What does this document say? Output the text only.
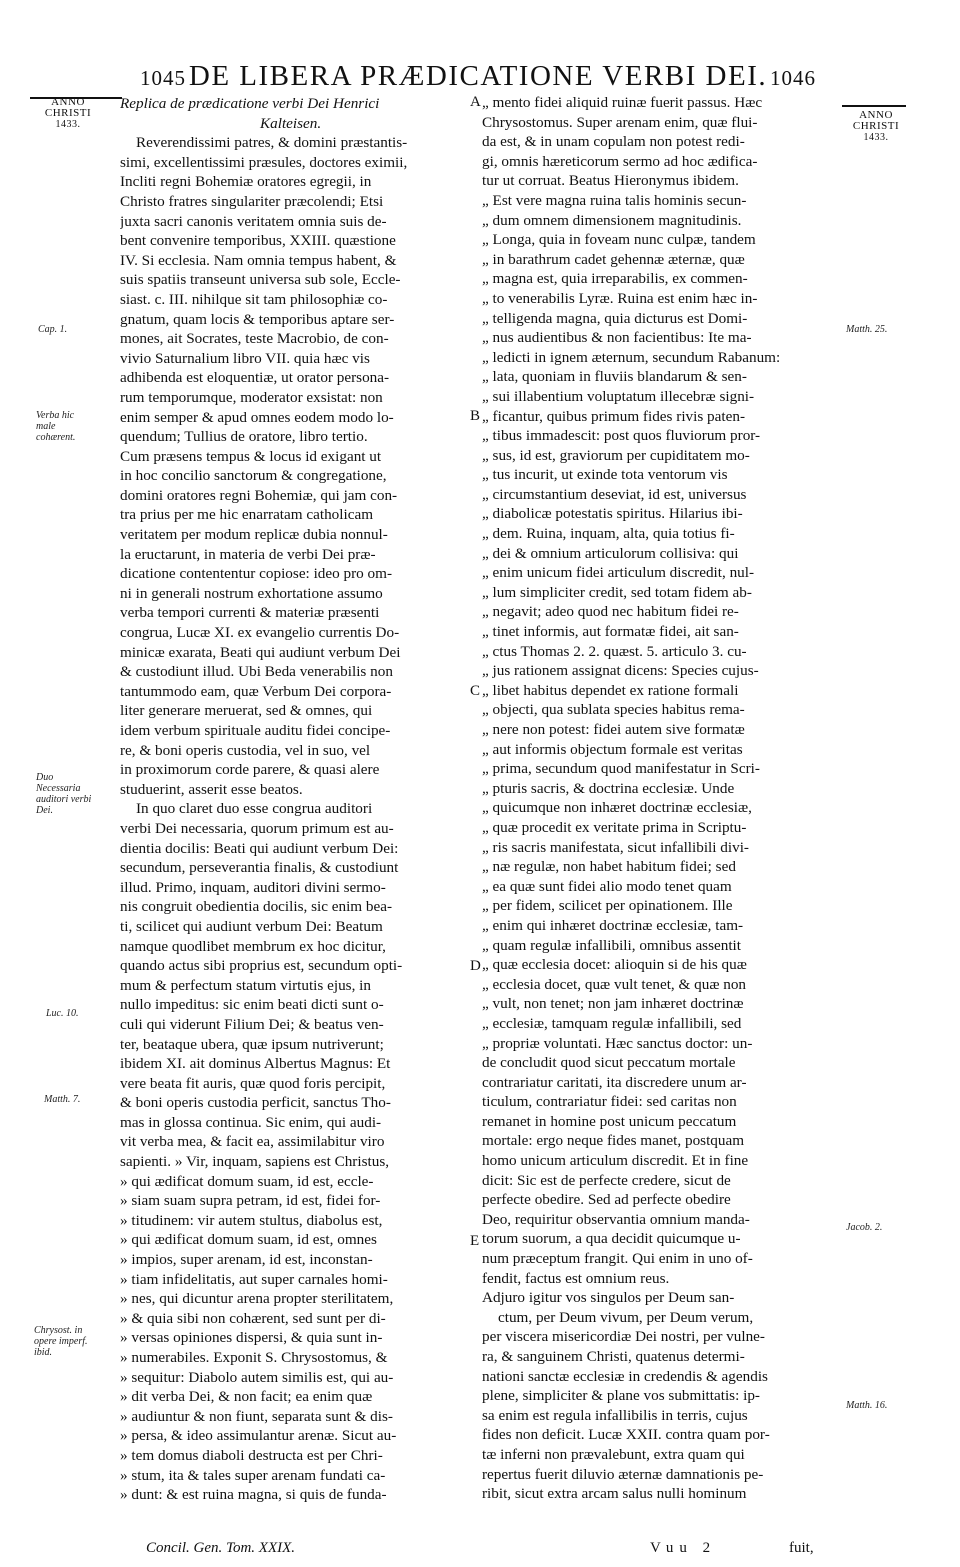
1045 DE LIBERA PRÆDICATIONE VERBI DEI. 1046
ANNO
CHRISTI
1433.
ANNO
CHRISTI
1433.
Cap. 1.
Verba hic male cohærent.
Duo Necessaria auditori verbi Dei.
Luc. 10.
Matth. 7.
Chrysost. in opere imperf. ibid.
Matth. 25.
Jacob. 2.
Matth. 16.
A
B
C
D
E
Replica de prædicatione verbi Dei Henrici
Kalteisen.
Reverendissimi patres, & domini præstantis-
simi, excellentissimi præsules, doctores eximii,
Incliti regni Bohemiæ oratores egregii, in
Christo fratres singulariter præcolendi; Etsi
juxta sacri canonis veritatem omnia suis de-
bent convenire temporibus, XXIII. quæstione
IV. Si ecclesia. Nam omnia tempus habent, &
suis spatiis transeunt universa sub sole, Eccle-
siast. c. III. nihilque sit tam philosophiæ co-
gnatum, quam locis & temporibus aptare ser-
mones, ait Socrates, teste Macrobio, de con-
vivio Saturnalium libro VII. quia hæc vis
adhibenda est eloquentiæ, ut orator persona-
rum temporumque, moderator exsistat: non
enim semper & apud omnes eodem modo lo-
quendum; Tullius de oratore, libro tertio.
Cum præsens tempus & locus id exigant ut
in hoc concilio sanctorum & congregatione,
domini oratores regni Bohemiæ, qui jam con-
tra prius per me hic enarratam catholicam
veritatem per modum replicæ dubia nonnul-
la eructarunt, in materia de verbi Dei præ-
dicatione contententur copiose: ideo pro om-
ni in generali nostrum exhortatione assumo
verba tempori currenti & materiæ præsenti
congrua, Lucæ XI. ex evangelio currentis Do-
minicæ exarata, Beati qui audiunt verbum Dei
& custodiunt illud. Ubi Beda venerabilis non
tantummodo eam, quæ Verbum Dei corpora-
liter generare meruerat, sed & omnes, qui
idem verbum spirituale auditu fidei concipe-
re, & boni operis custodia, vel in suo, vel
in proximorum corde parere, & quasi alere
studuerint, asserit esse beatos.
In quo claret duo esse congrua auditori
verbi Dei necessaria, quorum primum est au-
dientia docilis: Beati qui audiunt verbum Dei:
secundum, perseverantia finalis, & custodiunt
illud. Primo, inquam, auditori divini sermo-
nis congruit obedientia docilis, sic enim bea-
ti, scilicet qui audiunt verbum Dei: Beatum
namque quodlibet membrum ex hoc dicitur,
quando actus sibi proprius est, secundum opti-
mum & perfectum statum virtutis ejus, in
nullo impeditus: sic enim beati dicti sunt o-
culi qui viderunt Filium Dei; & beatus ven-
ter, beataque ubera, quæ ipsum nutriverunt;
ibidem XI. ait dominus Albertus Magnus: Et
vere beata fit auris, quæ quod foris percipit,
& boni operis custodia perficit, sanctus Tho-
mas in glossa continua. Sic enim, qui audi-
vit verba mea, & facit ea, assimilabitur viro
sapienti. » Vir, inquam, sapiens est Christus,
» qui ædificat domum suam, id est, eccle-
» siam suam supra petram, id est, fidei for-
» titudinem: vir autem stultus, diabolus est,
» qui ædificat domum suam, id est, omnes
» impios, super arenam, id est, inconstan-
» tiam infidelitatis, aut super carnales homi-
» nes, qui dicuntur arena propter sterilitatem,
» & quia sibi non cohærent, sed sunt per di-
» versas opiniones dispersi, & quia sunt in-
» numerabiles. Exponit S. Chrysostomus, &
» sequitur: Diabolo autem similis est, qui au-
» dit verba Dei, & non facit; ea enim quæ
» audiuntur & non fiunt, separata sunt & dis-
» persa, & ideo assimulantur arenæ. Sicut au-
» tem domus diaboli destructa est per Chri-
» stum, ita & tales super arenam fundati ca-
» dunt: & est ruina magna, si quis de funda-
„ mento fidei aliquid ruinæ fuerit passus. Hæc
Chrysostomus. Super arenam enim, quæ flui-
da est, & in unam copulam non potest redi-
gi, omnis hæreticorum sermo ad hoc ædifica-
tur ut corruat. Beatus Hieronymus ibidem.
„ Est vere magna ruina talis hominis secun-
„ dum omnem dimensionem magnitudinis.
„ Longa, quia in foveam nunc culpæ, tandem
„ in barathrum cadet gehennæ æternæ, quæ
„ magna est, quia irreparabilis, ex commen-
„ to venerabilis Lyræ. Ruina est enim hæc in-
„ telligenda magna, quia dicturus est Domi-
„ nus audientibus & non facientibus: Ite ma-
„ ledicti in ignem æternum, secundum Rabanum:
„ lata, quoniam in fluviis blandarum & sen-
„ sui illabentium voluptatum illecebræ signi-
„ ficantur, quibus primum fides rivis paten-
„ tibus immadescit: post quos fluviorum pror-
„ sus, id est, graviorum per cupiditatem mo-
„ tus incurit, ut exinde tota ventorum vis
„ circumstantium deseviat, id est, universus
„ diabolicæ potestatis spiritus. Hilarius ibi-
„ dem. Ruina, inquam, alta, quia totius fi-
„ dei & omnium articulorum collisiva: qui
„ enim unicum fidei articulum discredit, nul-
„ lum simpliciter credit, sed totam fidem ab-
„ negavit; adeo quod nec habitum fidei re-
„ tinet informis, aut formatæ fidei, ait san-
„ ctus Thomas 2. 2. quæst. 5. articulo 3. cu-
„ jus rationem assignat dicens: Species cujus-
„ libet habitus dependet ex ratione formali
„ objecti, qua sublata species habitus rema-
„ nere non potest: fidei autem sive formatæ
„ aut informis objectum formale est veritas
„ prima, secundum quod manifestatur in Scri-
„ pturis sacris, & doctrina ecclesiæ. Unde
„ quicumque non inhæret doctrinæ ecclesiæ,
„ quæ procedit ex veritate prima in Scriptu-
„ ris sacris manifestata, sicut infallibili divi-
„ næ regulæ, non habet habitum fidei; sed
„ ea quæ sunt fidei alio modo tenet quam
„ per fidem, scilicet per opinationem. Ille
„ enim qui inhæret doctrinæ ecclesiæ, tam-
„ quam regulæ infallibili, omnibus assentit
„ quæ ecclesia docet: alioquin si de his quæ
„ ecclesia docet, quæ vult tenet, & quæ non
„ vult, non tenet; non jam inhæret doctrinæ
„ ecclesiæ, tamquam regulæ infallibili, sed
„ propriæ voluntati. Hæc sanctus doctor: un-
de concludit quod sicut peccatum mortale
contrariatur caritati, ita discredere unum ar-
ticulum, contrariatur fidei: sed caritas non
remanet in homine post unicum peccatum
mortale: ergo neque fides manet, postquam
homo unicum articulum discredit. Et in fine
dicit: Sic est de perfecte credere, sicut de
perfecte obedire. Sed ad perfecte obedire
Deo, requiritur observantia omnium manda-
torum suorum, a qua decidit quicumque u-
num præceptum frangit. Qui enim in uno of-
fendit, factus est omnium reus.
Adjuro igitur vos singulos per Deum san-
ctum, per Deum vivum, per Deum verum,
per viscera misericordiæ Dei nostri, per vulne-
ra, & sanguinem Christi, quatenus determi-
nationi sanctæ ecclesiæ in credendis & agendis
plene, simpliciter & plane vos submittatis: ip-
sa enim est regula infallibilis in terris, cujus
fides non deficit. Lucæ XXII. contra quam por-
tæ inferni non prævalebunt, extra quam qui
repertus fuerit diluvio æternæ damnationis pe-
ribit, sicut extra arcam salus nulli hominum
Concil. Gen. Tom. XXIX.	Vuu 2	fuit,
